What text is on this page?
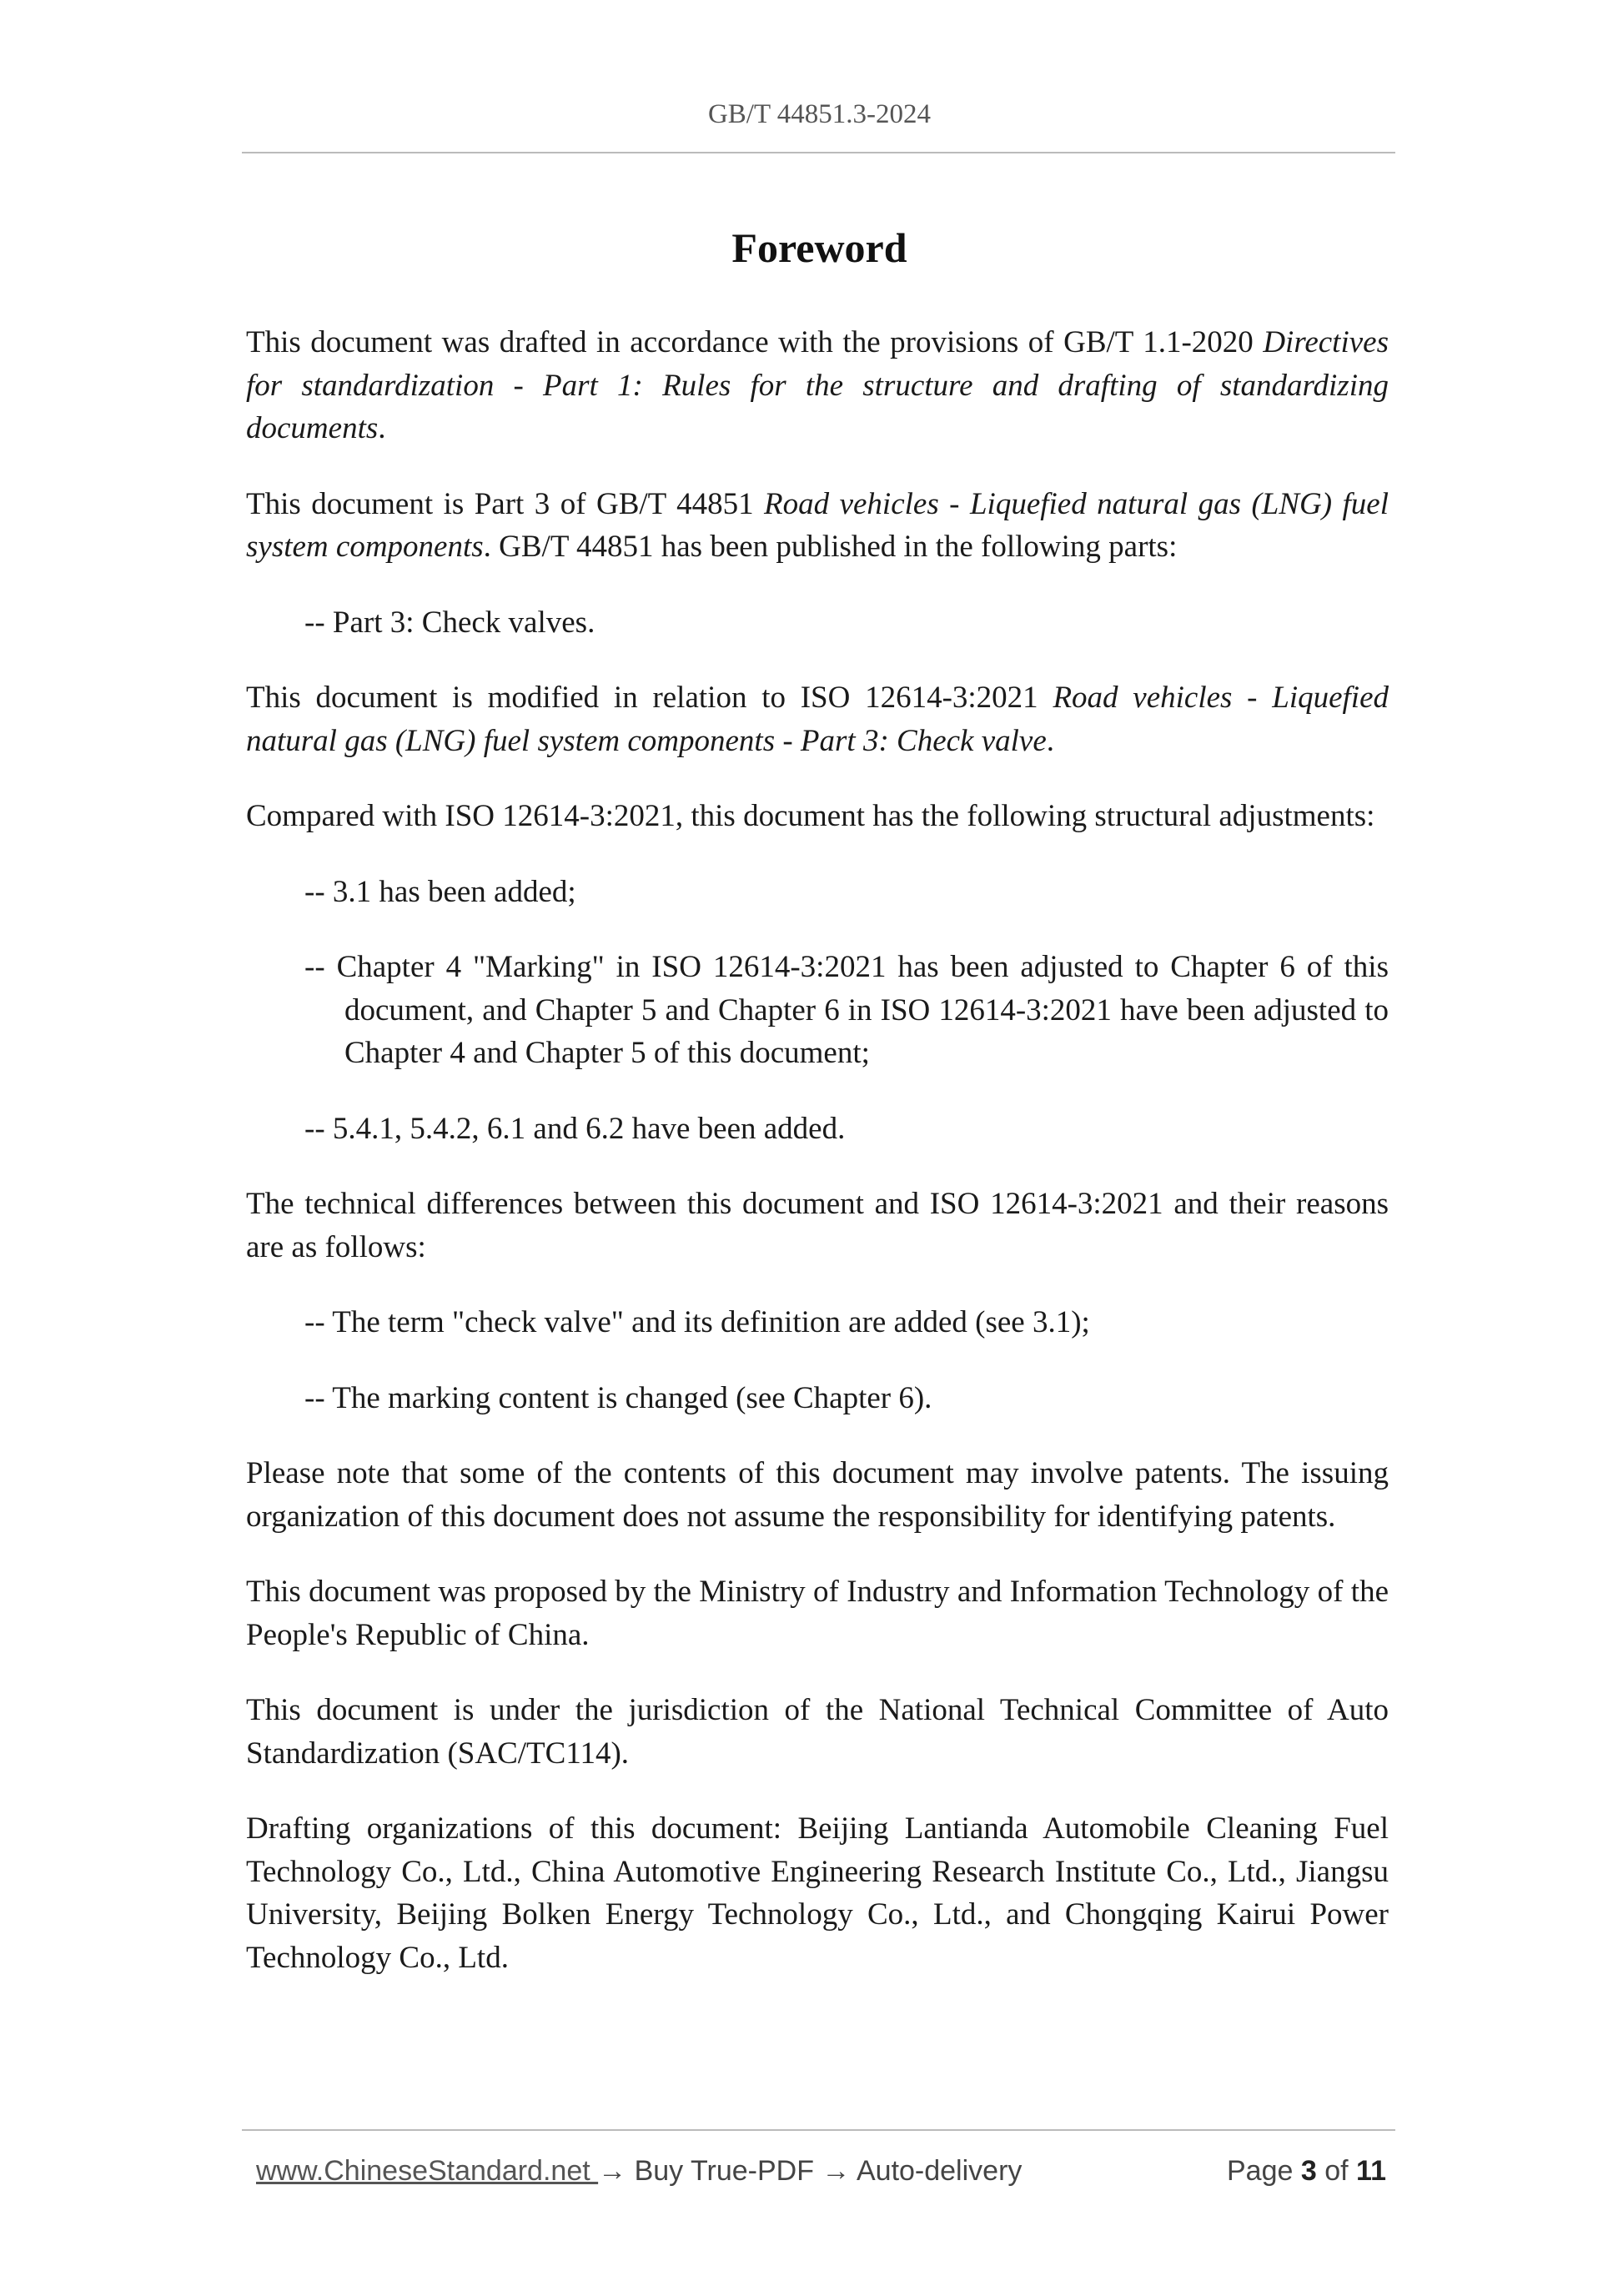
GB/T 44851.3-2024
Foreword

This document was drafted in accordance with the provisions of GB/T 1.1-2020 Directives for standardization - Part 1: Rules for the structure and drafting of standardizing documents.

This document is Part 3 of GB/T 44851 Road vehicles - Liquefied natural gas (LNG) fuel system components. GB/T 44851 has been published in the following parts:

-- Part 3: Check valves.

This document is modified in relation to ISO 12614-3:2021 Road vehicles - Liquefied natural gas (LNG) fuel system components - Part 3: Check valve.

Compared with ISO 12614-3:2021, this document has the following structural adjustments:

-- 3.1 has been added;

-- Chapter 4 "Marking" in ISO 12614-3:2021 has been adjusted to Chapter 6 of this document, and Chapter 5 and Chapter 6 in ISO 12614-3:2021 have been adjusted to Chapter 4 and Chapter 5 of this document;

-- 5.4.1, 5.4.2, 6.1 and 6.2 have been added.

The technical differences between this document and ISO 12614-3:2021 and their reasons are as follows:

-- The term "check valve" and its definition are added (see 3.1);

-- The marking content is changed (see Chapter 6).

Please note that some of the contents of this document may involve patents. The issuing organization of this document does not assume the responsibility for identifying patents.

This document was proposed by the Ministry of Industry and Information Technology of the People's Republic of China.

This document is under the jurisdiction of the National Technical Committee of Auto Standardization (SAC/TC114).

Drafting organizations of this document: Beijing Lantianda Automobile Cleaning Fuel Technology Co., Ltd., China Automotive Engineering Research Institute Co., Ltd., Jiangsu University, Beijing Bolken Energy Technology Co., Ltd., and Chongqing Kairui Power Technology Co., Ltd.

www.ChineseStandard.net → Buy True-PDF → Auto-delivery	Page 3 of 11
